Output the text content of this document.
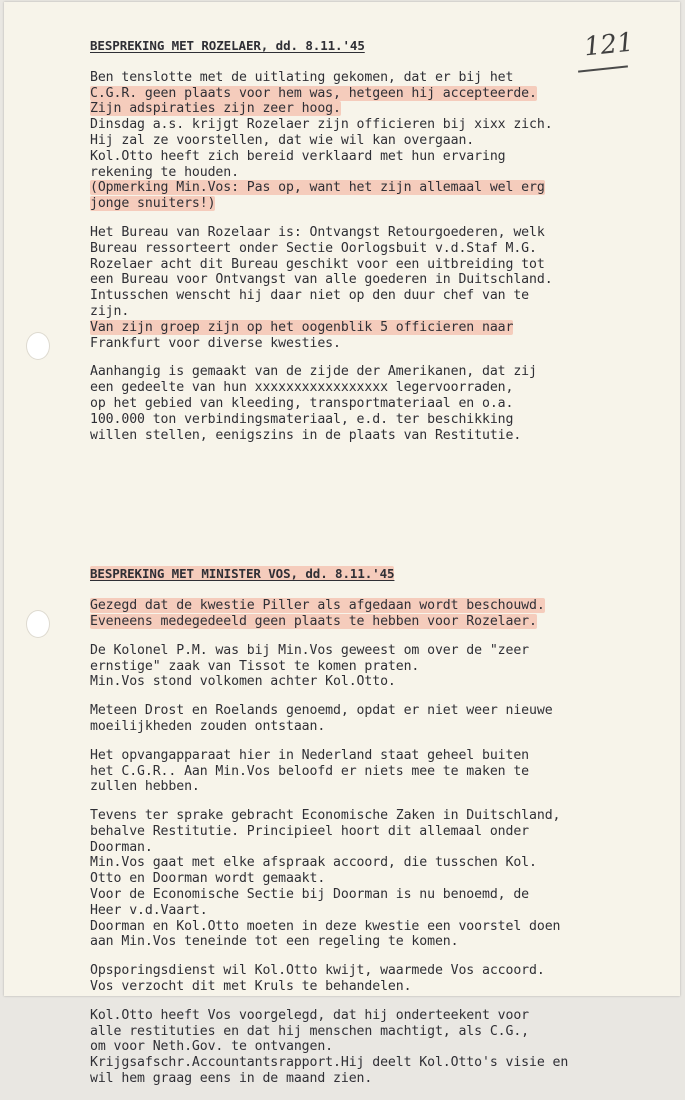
121
BESPREKING MET ROZELAER, dd. 8.11.'45
Ben tenslotte met de uitlating gekomen, dat er bij het
C.G.R. geen plaats voor hem was, hetgeen hij accepteerde.
Zijn adspiraties zijn zeer hoog.
Dinsdag a.s. krijgt Rozelaer zijn officieren bij xixx zich.
Hij zal ze voorstellen, dat wie wil kan overgaan.
Kol.Otto heeft zich bereid verklaard met hun ervaring
rekening te houden.
(Opmerking Min.Vos: Pas op, want het zijn allemaal wel erg
jonge snuiters!)
Het Bureau van Rozelaar is: Ontvangst Retourgoederen, welk
Bureau ressorteert onder Sectie Oorlogsbuit v.d.Staf M.G.
Rozelaer acht dit Bureau geschikt voor een uitbreiding tot
een Bureau voor Ontvangst van alle goederen in Duitschland.
Intusschen wenscht hij daar niet op den duur chef van te
zijn.
Van zijn groep zijn op het oogenblik 5 officieren naar
Frankfurt voor diverse kwesties.
Aanhangig is gemaakt van de zijde der Amerikanen, dat zij
een gedeelte van hun xxxxxxxxxxxxxxxxx legervoorraden,
op het gebied van kleeding, transportmateriaal en o.a.
100.000 ton verbindingsmateriaal, e.d. ter beschikking
willen stellen, eenigszins in de plaats van Restitutie.
BESPREKING MET MINISTER VOS, dd. 8.11.'45
Gezegd dat de kwestie Piller als afgedaan wordt beschouwd.
Eveneens medegedeeld geen plaats te hebben voor Rozelaer.
De Kolonel P.M. was bij Min.Vos geweest om over de "zeer
ernstige" zaak van Tissot te komen praten.
Min.Vos stond volkomen achter Kol.Otto.
Meteen Drost en Roelands genoemd, opdat er niet weer nieuwe
moeilijkheden zouden ontstaan.
Het opvangapparaat hier in Nederland staat geheel buiten
het C.G.R.. Aan Min.Vos beloofd er niets mee te maken te
zullen hebben.
Tevens ter sprake gebracht Economische Zaken in Duitschland,
behalve Restitutie. Principieel hoort dit allemaal onder
Doorman.
Min.Vos gaat met elke afspraak accoord, die tusschen Kol.
Otto en Doorman wordt gemaakt.
Voor de Economische Sectie bij Doorman is nu benoemd, de
Heer v.d.Vaart.
Doorman en Kol.Otto moeten in deze kwestie een voorstel doen
aan Min.Vos teneinde tot een regeling te komen.
Opsporingsdienst wil Kol.Otto kwijt, waarmede Vos accoord.
Vos verzocht dit met Kruls te behandelen.
Kol.Otto heeft Vos voorgelegd, dat hij onderteekent voor
alle restituties en dat hij menschen machtigt, als C.G.,
om voor Neth.Gov. te ontvangen.
Krijgsafschr.Accountantsrapport.Hij deelt Kol.Otto's visie en
wil hem graag eens in de maand zien.
